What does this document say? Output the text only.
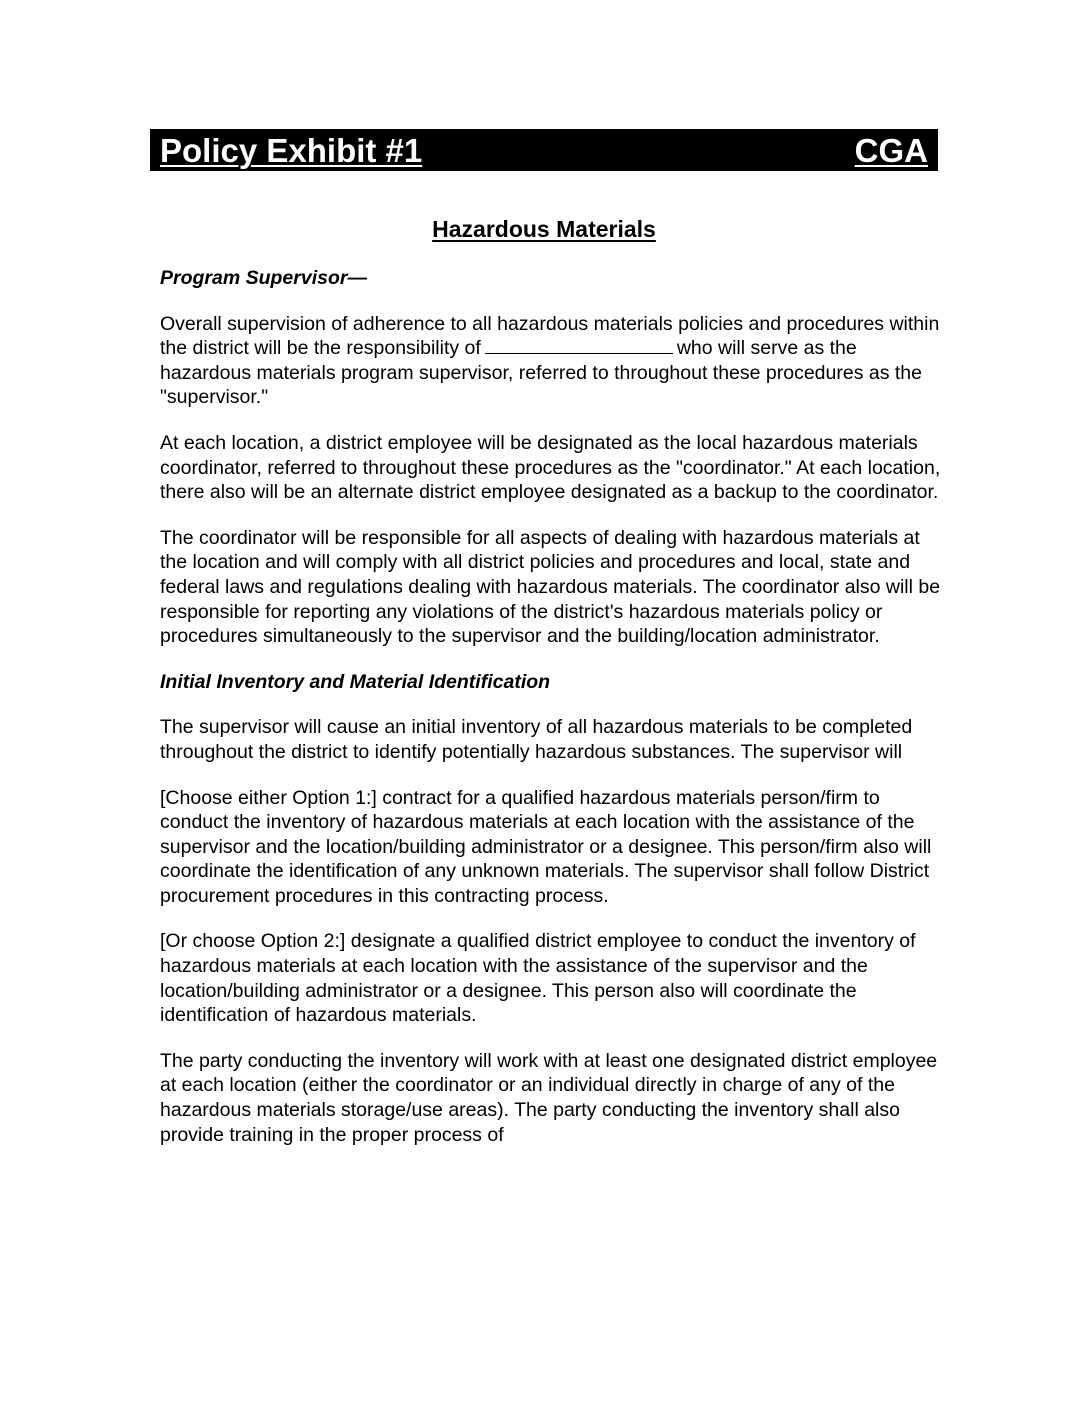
Policy Exhibit #1	CGA
Hazardous Materials

Program Supervisor—

Overall supervision of adherence to all hazardous materials policies and procedures within the district will be the responsibility of	who will serve as the hazardous materials program supervisor, referred to throughout these procedures as the "supervisor."

At each location, a district employee will be designated as the local hazardous materials coordinator, referred to throughout these procedures as the "coordinator." At each location, there also will be an alternate district employee designated as a backup to the coordinator.

The coordinator will be responsible for all aspects of dealing with hazardous materials at the location and will comply with all district policies and procedures and local, state and federal laws and regulations dealing with hazardous materials. The coordinator also will be responsible for reporting any violations of the district's hazardous materials policy or procedures simultaneously to the supervisor and the building/location administrator.

Initial Inventory and Material Identification

The supervisor will cause an initial inventory of all hazardous materials to be completed throughout the district to identify potentially hazardous substances. The supervisor will

[Choose either Option 1:] contract for a qualified hazardous materials person/firm to conduct the inventory of hazardous materials at each location with the assistance of the supervisor and the location/building administrator or a designee. This person/firm also will coordinate the identification of any unknown materials. The supervisor shall follow District procurement procedures in this contracting process.

[Or choose Option 2:] designate a qualified district employee to conduct the inventory of hazardous materials at each location with the assistance of the supervisor and the location/building administrator or a designee. This person also will coordinate the identification of hazardous materials.

The party conducting the inventory will work with at least one designated district employee at each location (either the coordinator or an individual directly in charge of any of the hazardous materials storage/use areas). The party conducting the inventory shall also provide training in the proper process of
